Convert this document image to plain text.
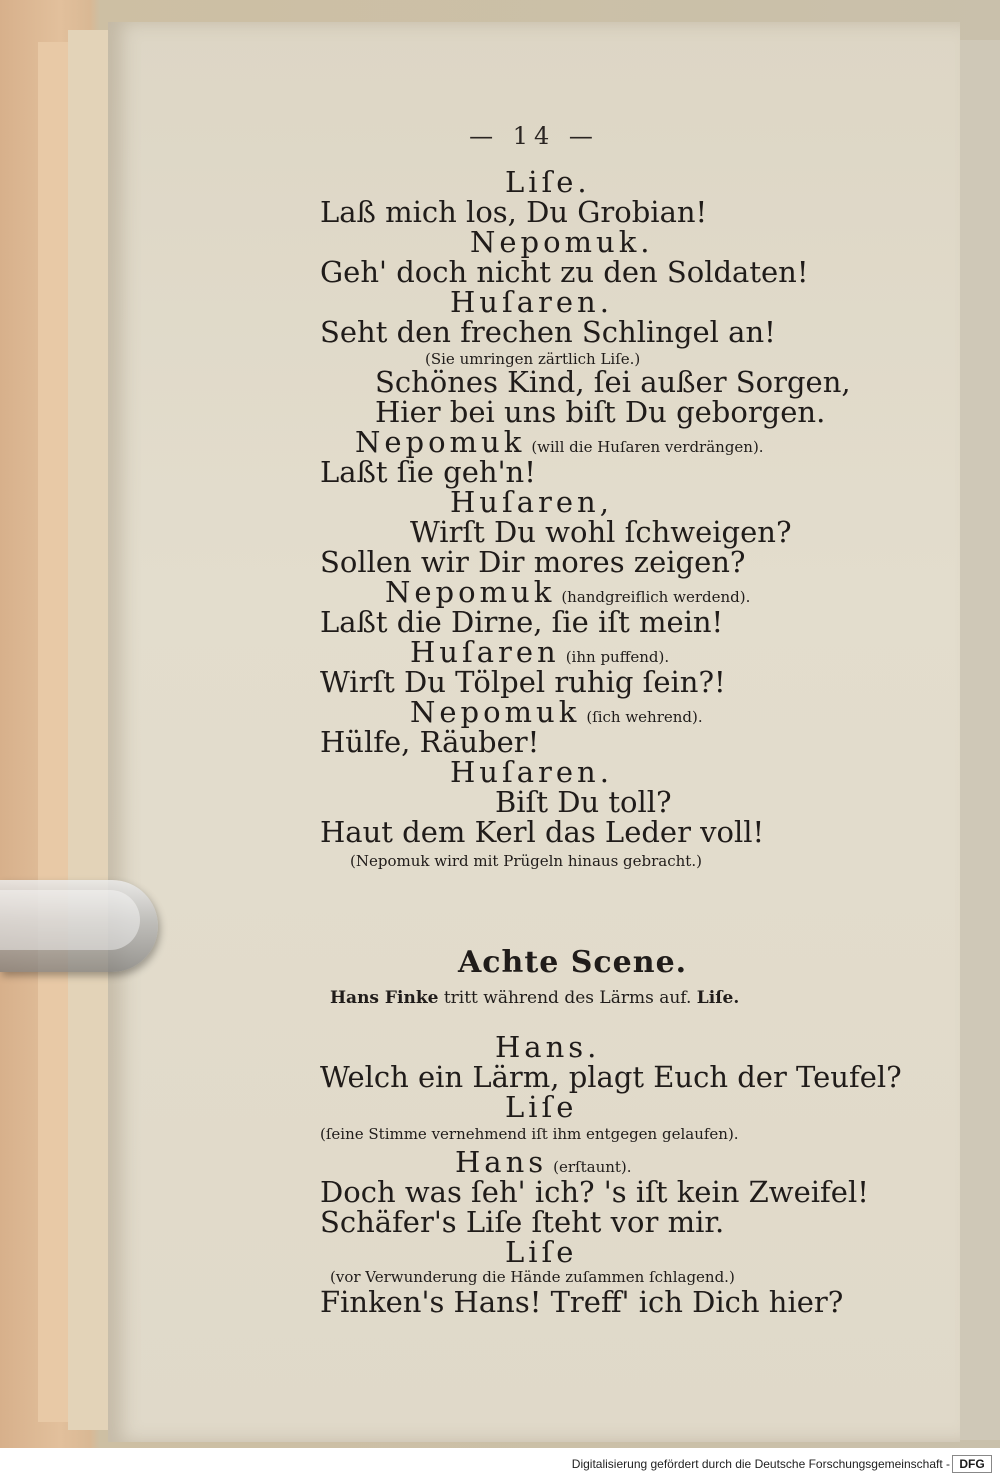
— 14 —
Liſe.
Laß mich los, Du Grobian!
Nepomuk.
Geh' doch nicht zu den Soldaten!
Huſaren.
Seht den frechen Schlingel an!
(Sie umringen zärtlich Liſe.)
Schönes Kind, ſei außer Sorgen,
Hier bei uns biſt Du geborgen.
Nepomuk (will die Huſaren verdrängen).
Laßt ſie geh'n!
Huſaren,
Wirſt Du wohl ſchweigen?
Sollen wir Dir mores zeigen?
Nepomuk (handgreiflich werdend).
Laßt die Dirne, ſie iſt mein!
Huſaren (ihn puffend).
Wirſt Du Tölpel ruhig ſein?!
Nepomuk (ſich wehrend).
Hülfe, Räuber!
Huſaren.
Biſt Du toll?
Haut dem Kerl das Leder voll!
(Nepomuk wird mit Prügeln hinaus gebracht.)
Achte Scene.
Hans Finke tritt während des Lärms auf. Liſe.
Hans.
Welch ein Lärm, plagt Euch der Teufel?
Liſe
(ſeine Stimme vernehmend iſt ihm entgegen gelaufen).
Hans (erſtaunt).
Doch was ſeh' ich? 's iſt kein Zweifel!
Schäfer's Liſe ſteht vor mir.
Liſe
(vor Verwunderung die Hände zuſammen ſchlagend.)
Finken's Hans! Treff' ich Dich hier?
Digitalisierung gefördert durch die Deutsche Forschungsgemeinschaft - DFG
